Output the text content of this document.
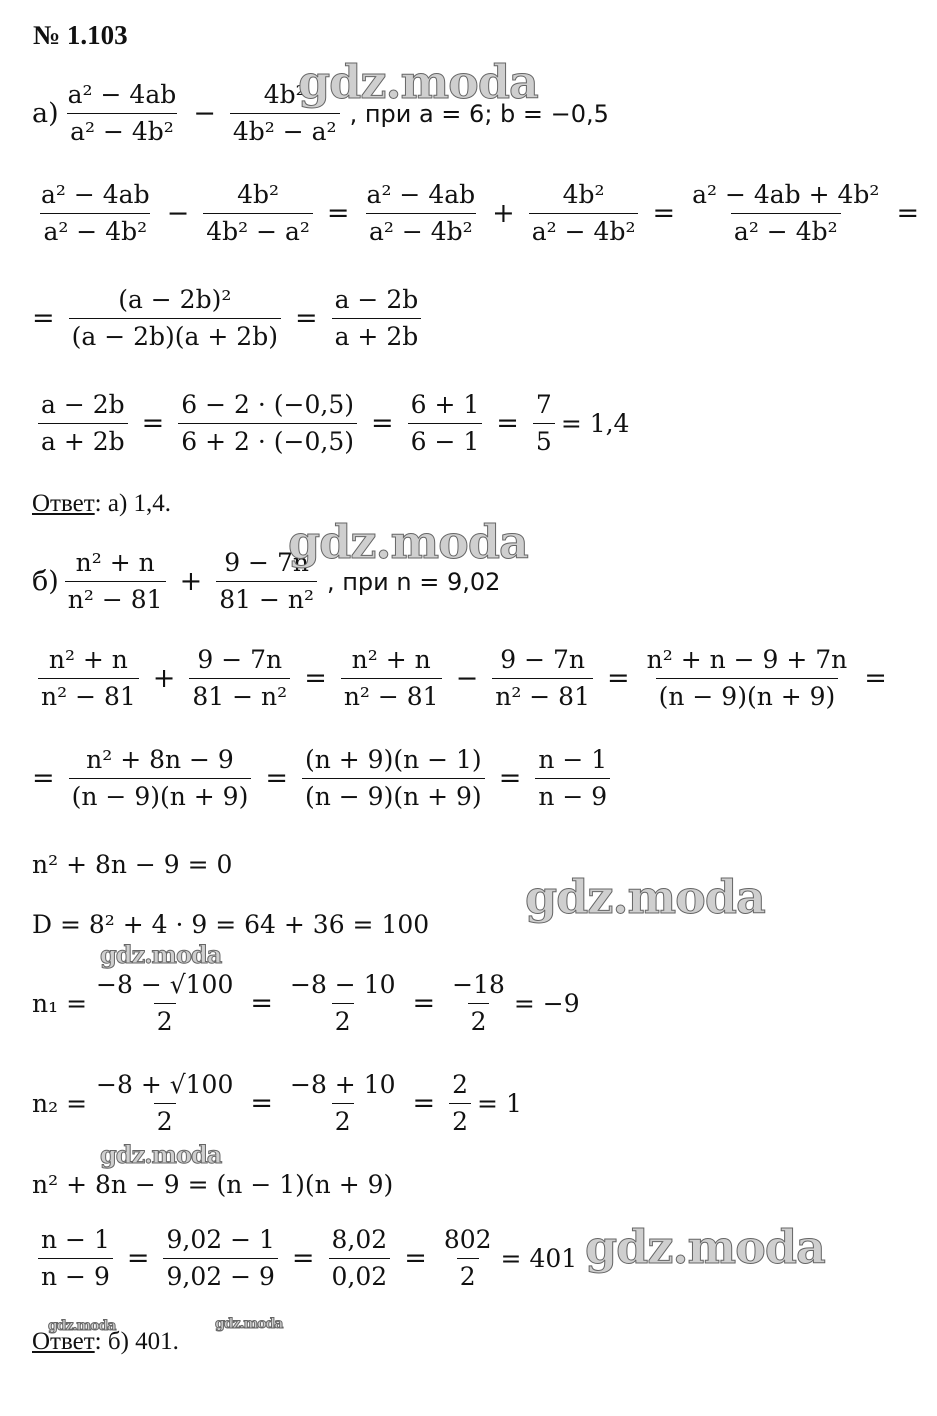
№ 1.103
$а) \frac{\text{a² − 4ab}}{\text{a² − 4b²}} - \frac{\text{4b²}}{\text{4b² − a²}}$ , при a = 6; b = −0,5
$\frac{\text{a² − 4ab}}{\text{a² − 4b²}} - \frac{\text{4b²}}{\text{4b² − a²}} = \frac{\text{a² − 4ab}}{\text{a² − 4b²}} + \frac{\text{4b²}}{\text{a² − 4b²}} = \frac{\text{a² − 4ab + 4b²}}{\text{a² − 4b²}}$ =
= $\frac{\text{(a − 2b)²}}{(a - 2b)(a + 2b)} = \frac{a - 2b}{a + 2b}$
$\frac{a - 2b}{a + 2b} = \frac{6 - 2 \cdot (-0,5)}{6 + 2 \cdot (-0,5)} = \frac{6 + 1}{6 - 1} = \frac{7}{5} = 1,4$
Ответ: а) 1,4.
$б) \frac{\text{n² + n}}{\text{n² − 81}} + \frac{9 - 7n}{\text{81 − n²}}$ , при n = 9,02
$\frac{\text{n² + n}}{\text{n² − 81}} + \frac{9 - 7n}{\text{81 − n²}} = \frac{\text{n² + n}}{\text{n² − 81}} - \frac{9 - 7n}{\text{n² − 81}} = \frac{\text{n² + n − 9 + 7n}}{(n - 9)(n + 9)}$ =
= $\frac{\text{n² + 8n − 9}}{(n - 9)(n + 9)} = \frac{(n + 9)(n - 1)}{(n - 9)(n + 9)} = \frac{n - 1}{n - 9}$
n² + 8n − 9 = 0
D = 8² + 4 · 9 = 64 + 36 = 100
$n_1 = \frac{-8 - √100}{2} = \frac{-8 - 10}{2} = \frac{-18}{2} = -9$
$n_2 = \frac{-8 + √100}{2} = \frac{-8 + 10}{2} = \frac{2}{2} = 1$
n² + 8n − 9 = (n − 1)(n + 9)
$\frac{n - 1}{n - 9} = \frac{9,02 - 1}{9,02 - 9} = \frac{8,02}{0,02} = \frac{802}{2} = 401$
Ответ: б) 401.
gdz.moda
gdz.moda
gdz.moda
gdz.moda
gdz.moda
gdz.moda
gdz.moda	gdz.moda
